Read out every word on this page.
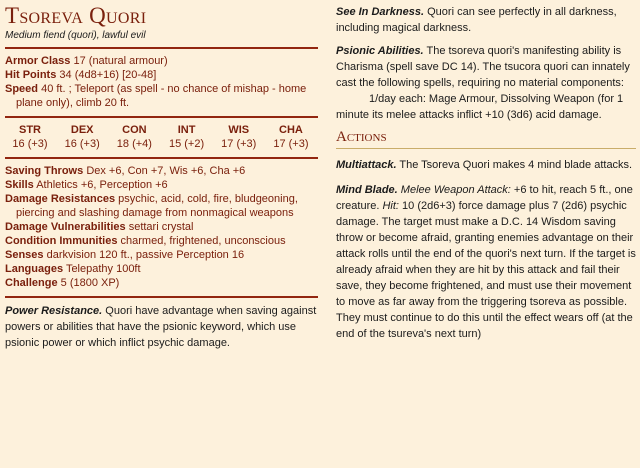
Tsoreva Quori
Medium fiend (quori), lawful evil
Armor Class 17 (natural armour)
Hit Points 34 (4d8+16) [20-48]
Speed 40 ft. ; Teleport (as spell - no chance of mishap - home plane only), climb 20 ft.
STR
16 (+3)
DEX
16 (+3)
CON
18 (+4)
INT
15 (+2)
WIS
17 (+3)
CHA
17 (+3)
Saving Throws Dex +6, Con +7, Wis +6, Cha +6
Skills Athletics +6, Perception +6
Damage Resistances psychic, acid, cold, fire, bludgeoning, piercing and slashing damage from nonmagical weapons
Damage Vulnerabilities settari crystal
Condition Immunities charmed, frightened, unconscious
Senses darkvision 120 ft., passive Perception 16
Languages Telepathy 100ft
Challenge 5 (1800 XP)

Power Resistance. Quori have advantage when saving against powers or abilities that have the psionic keyword, which use psionic power or which inflict psychic damage.

See In Darkness. Quori can see perfectly in all darkness, including magical darkness.

Psionic Abilities. The tsoreva quori's manifesting ability is Charisma (spell save DC 14). The tsucora quori can innately cast the following spells, requiring no material components:

1/day each: Mage Armour, Dissolving Weapon (for 1 minute its melee attacks inflict +10 (3d6) acid damage.

Actions

Multiattack. The Tsoreva Quori makes 4 mind blade attacks.

Mind Blade. Melee Weapon Attack: +6 to hit, reach 5 ft., one creature. Hit: 10 (2d6+3) force damage plus 7 (2d6) psychic damage. The target must make a D.C. 14 Wisdom saving throw or become afraid, granting enemies advantage on their attack rolls until the end of the quori's next turn. If the target is already afraid when they are hit by this attack and fail their save, they become frightened, and must use their movement to move as far away from the triggering tsoreva as possible. They must continue to do this until the effect wears off (at the end of the tsureva's next turn)
